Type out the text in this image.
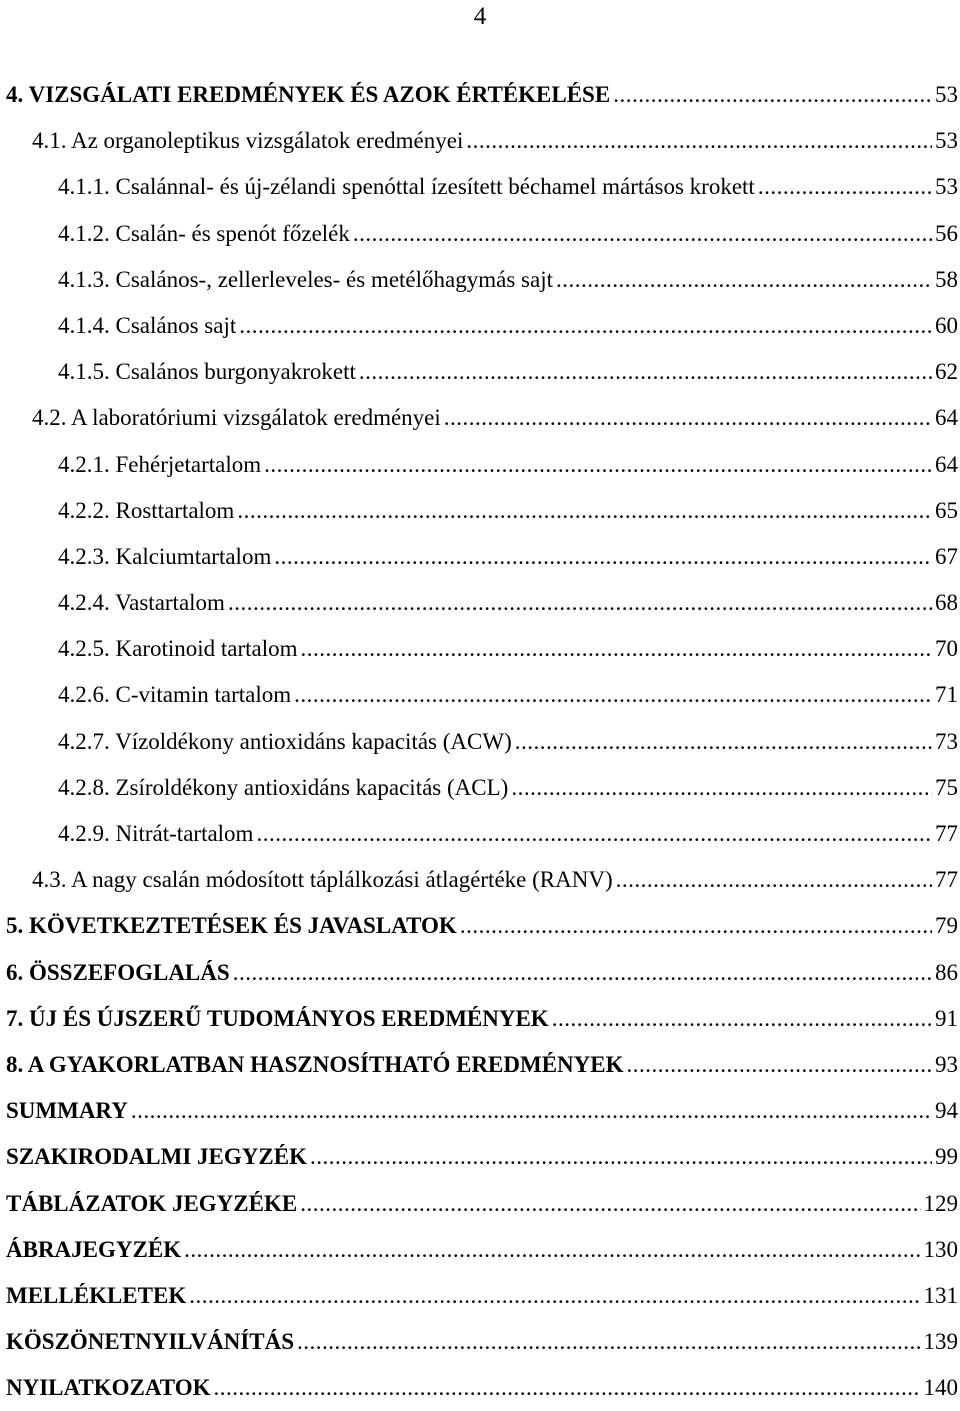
4
4. VIZSGÁLATI EREDMÉNYEK ÉS AZOK ÉRTÉKELÉSE .....	53
4.1. Az organoleptikus vizsgálatok eredményei .....	53
4.1.1. Csalánnal- és új-zélandi spenóttal ízesített béchamel mártásos krokett .....	53
4.1.2. Csalán- és spenót főzelék .....	56
4.1.3. Csalános-, zellerleveles- és metélőhagymás sajt .....	58
4.1.4. Csalános sajt .....	60
4.1.5. Csalános burgonyakrokett .....	62
4.2. A laboratóriumi vizsgálatok eredményei .....	64
4.2.1. Fehérjetartalom .....	64
4.2.2. Rosttartalom .....	65
4.2.3. Kalciumtartalom .....	67
4.2.4. Vastartalom .....	68
4.2.5. Karotinoid tartalom .....	70
4.2.6. C-vitamin tartalom .....	71
4.2.7. Vízoldékony antioxidáns kapacitás (ACW) .....	73
4.2.8. Zsíroldékony antioxidáns kapacitás (ACL) .....	75
4.2.9. Nitrát-tartalom .....	77
4.3. A nagy csalán módosított táplálkozási átlagértéke (RANV) .....	77
5. KÖVETKEZTETÉSEK ÉS JAVASLATOK .....	79
6. ÖSSZEFOGLALÁS .....	86
7. ÚJ ÉS ÚJSZERŰ TUDOMÁNYOS EREDMÉNYEK .....	91
8. A GYAKORLATBAN HASZNOSÍTHATÓ EREDMÉNYEK .....	93
SUMMARY .....	94
SZAKIRODALMI JEGYZÉK .....	99
TÁBLÁZATOK JEGYZÉKE .....	129
ÁBRAJEGYZÉK .....	130
MELLÉKLETEK .....	131
KÖSZÖNETNYILVÁNÍTÁS .....	139
NYILATKOZATOK .....	140
